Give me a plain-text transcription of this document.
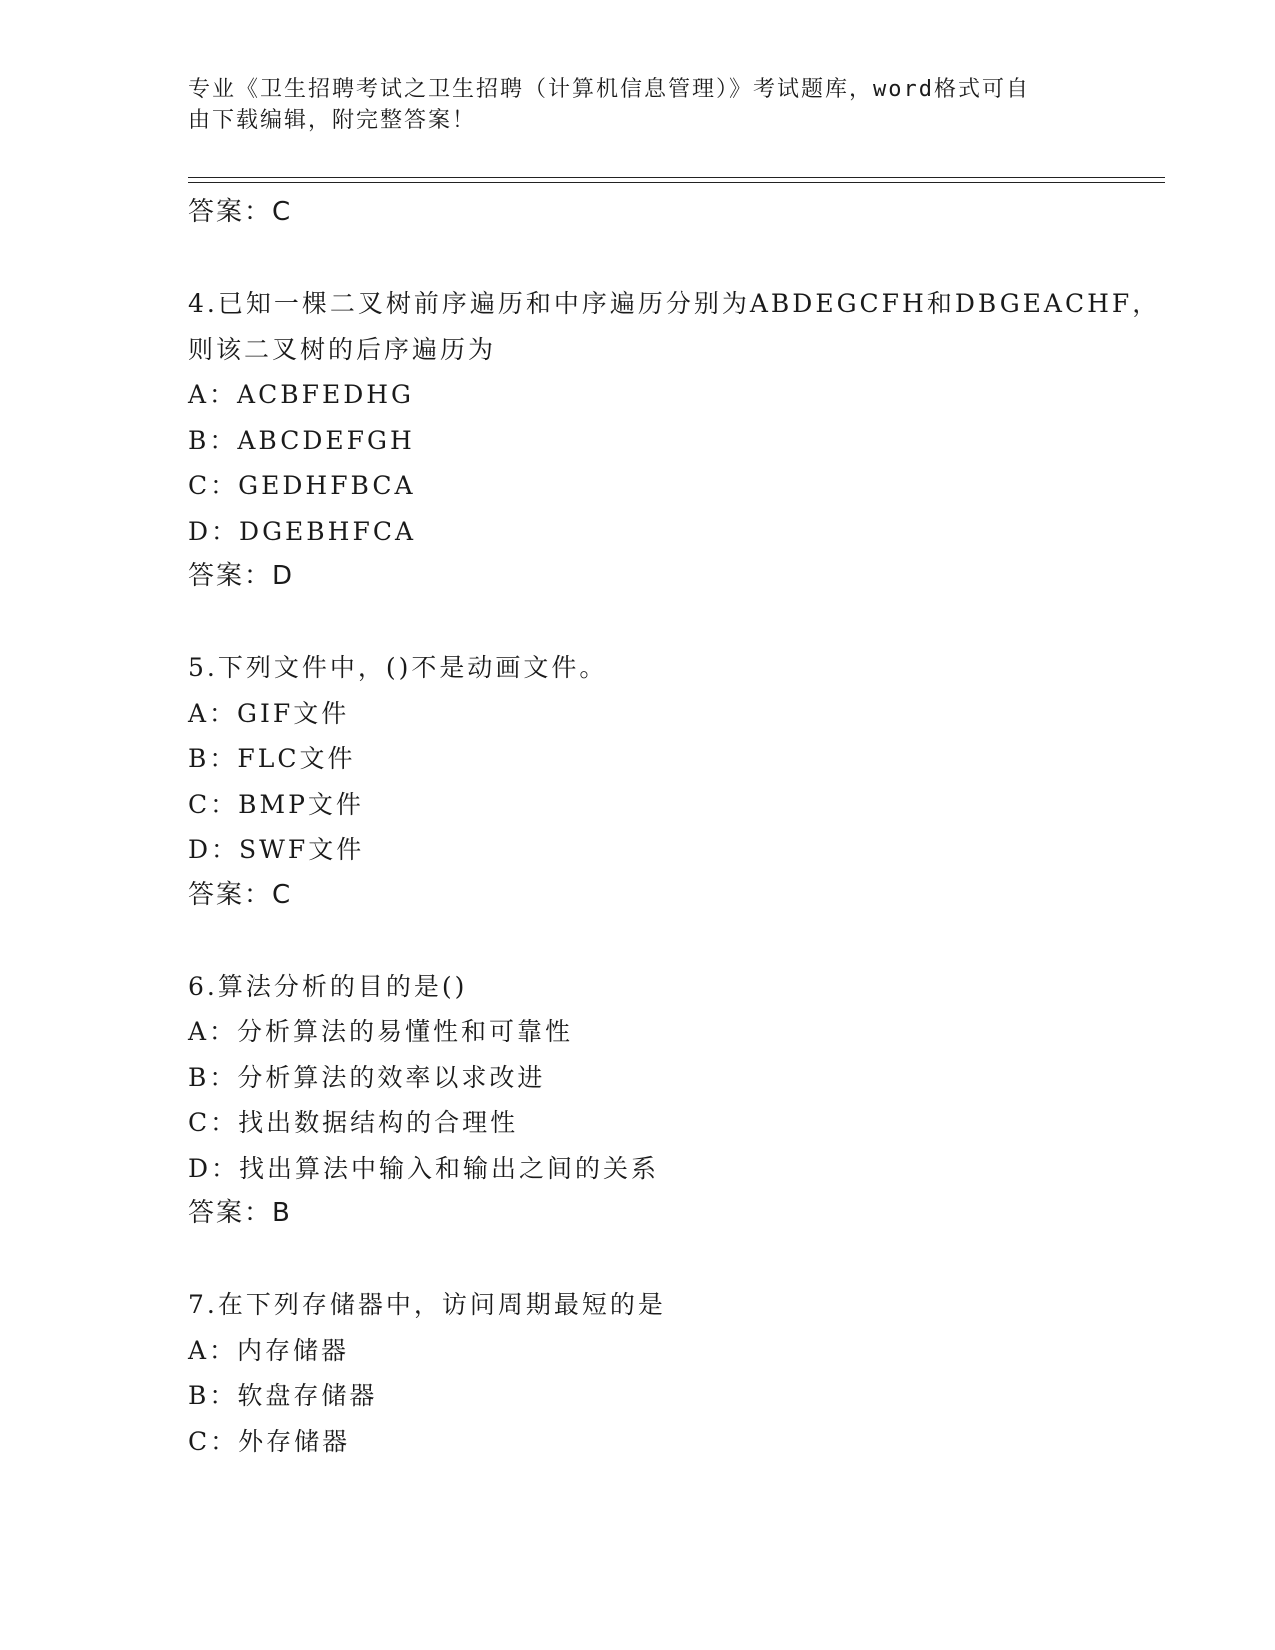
专业《卫生招聘考试之卫生招聘（计算机信息管理）》考试题库，word格式可自
由下载编辑，附完整答案！
答案：C
4.已知一棵二叉树前序遍历和中序遍历分别为ABDEGCFH和DBGEACHF，
则该二叉树的后序遍历为
A：ACBFEDHG
B：ABCDEFGH
C：GEDHFBCA
D：DGEBHFCA
答案：D
5.下列文件中，()不是动画文件。
A：GIF文件
B：FLC文件
C：BMP文件
D：SWF文件
答案：C
6.算法分析的目的是()
A：分析算法的易懂性和可靠性
B：分析算法的效率以求改进
C：找出数据结构的合理性
D：找出算法中输入和输出之间的关系
答案：B
7.在下列存储器中，访问周期最短的是
A：内存储器
B：软盘存储器
C：外存储器
